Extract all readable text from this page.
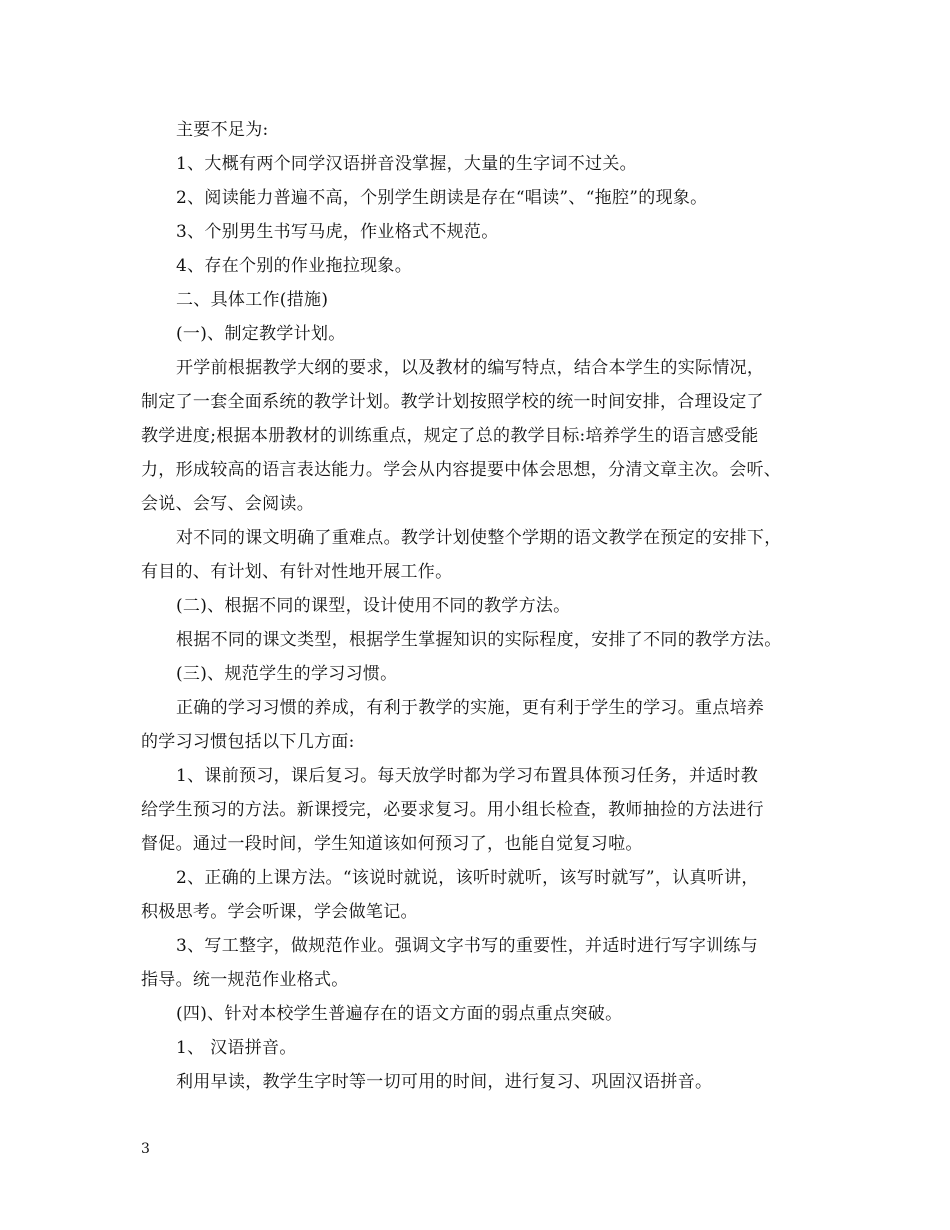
主要不足为:
1、大概有两个同学汉语拼音没掌握，大量的生字词不过关。
2、阅读能力普遍不高，个别学生朗读是存在“唱读”、“拖腔”的现象。
3、个别男生书写马虎，作业格式不规范。
4、存在个别的作业拖拉现象。
二、具体工作(措施)
(一)、制定教学计划。
开学前根据教学大纲的要求，以及教材的编写特点，结合本学生的实际情况，
制定了一套全面系统的教学计划。教学计划按照学校的统一时间安排，合理设定了
教学进度;根据本册教材的训练重点，规定了总的教学目标:培养学生的语言感受能
力，形成较高的语言表达能力。学会从内容提要中体会思想，分清文章主次。会听、
会说、会写、会阅读。
对不同的课文明确了重难点。教学计划使整个学期的语文教学在预定的安排下，
有目的、有计划、有针对性地开展工作。
(二)、根据不同的课型，设计使用不同的教学方法。
根据不同的课文类型，根据学生掌握知识的实际程度，安排了不同的教学方法。
(三)、规范学生的学习习惯。
正确的学习习惯的养成，有利于教学的实施，更有利于学生的学习。重点培养
的学习习惯包括以下几方面:
1、课前预习，课后复习。每天放学时都为学习布置具体预习任务，并适时教
给学生预习的方法。新课授完，必要求复习。用小组长检查，教师抽捡的方法进行
督促。通过一段时间，学生知道该如何预习了，也能自觉复习啦。
2、正确的上课方法。“该说时就说，该听时就听，该写时就写”，认真听讲，
积极思考。学会听课，学会做笔记。
3、写工整字，做规范作业。强调文字书写的重要性，并适时进行写字训练与
指导。统一规范作业格式。
(四)、针对本校学生普遍存在的语文方面的弱点重点突破。
1、 汉语拼音。
利用早读，教学生字时等一切可用的时间，进行复习、巩固汉语拼音。
3
